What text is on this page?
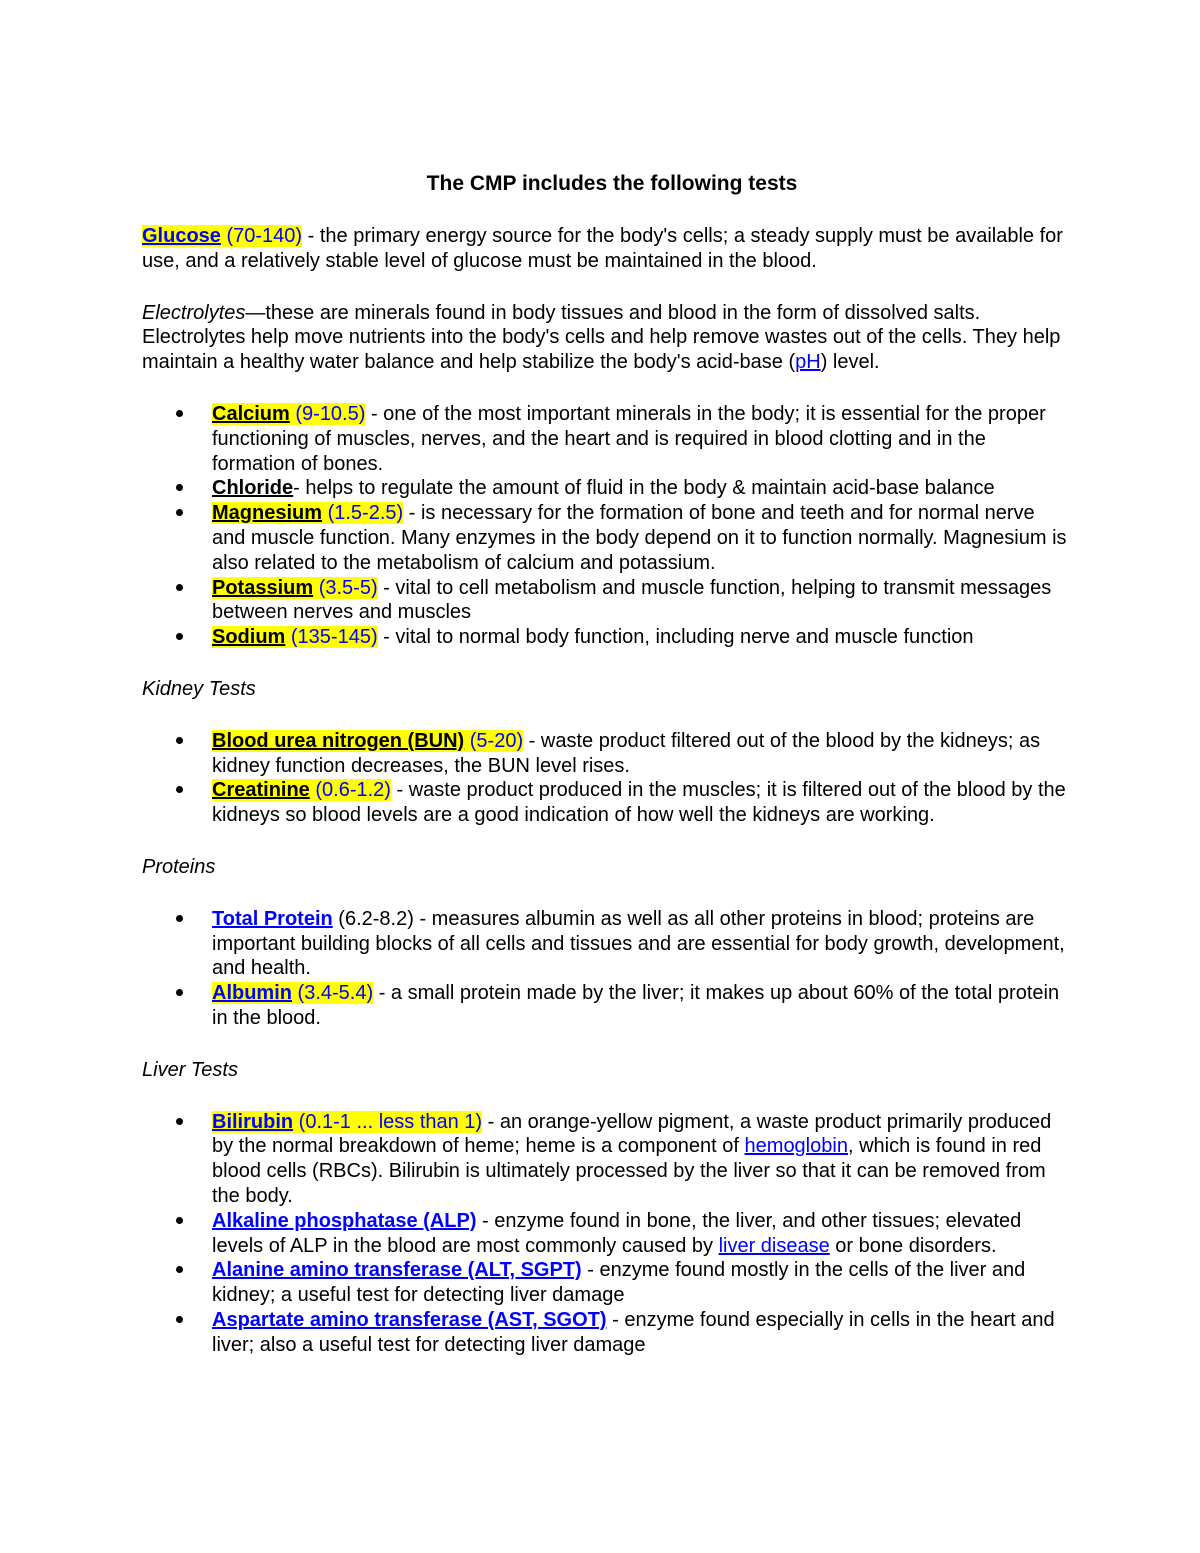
The CMP includes the following tests

Glucose (70-140) - the primary energy source for the body's cells; a steady supply must be available for use, and a relatively stable level of glucose must be maintained in the blood.

Electrolytes—these are minerals found in body tissues and blood in the form of dissolved salts. Electrolytes help move nutrients into the body's cells and help remove wastes out of the cells. They help maintain a healthy water balance and help stabilize the body's acid-base (pH) level.

Calcium (9-10.5) - one of the most important minerals in the body; it is essential for the proper functioning of muscles, nerves, and the heart and is required in blood clotting and in the formation of bones.
Chloride- helps to regulate the amount of fluid in the body & maintain acid-base balance
Magnesium (1.5-2.5) - is necessary for the formation of bone and teeth and for normal nerve and muscle function. Many enzymes in the body depend on it to function normally. Magnesium is also related to the metabolism of calcium and potassium.
Potassium (3.5-5) - vital to cell metabolism and muscle function, helping to transmit messages between nerves and muscles
Sodium (135-145) - vital to normal body function, including nerve and muscle function

Kidney Tests

Blood urea nitrogen (BUN) (5-20) - waste product filtered out of the blood by the kidneys; as kidney function decreases, the BUN level rises.
Creatinine (0.6-1.2) - waste product produced in the muscles; it is filtered out of the blood by the kidneys so blood levels are a good indication of how well the kidneys are working.

Proteins

Total Protein (6.2-8.2) - measures albumin as well as all other proteins in blood; proteins are important building blocks of all cells and tissues and are essential for body growth, development, and health.
Albumin (3.4-5.4) - a small protein made by the liver; it makes up about 60% of the total protein in the blood.

Liver Tests

Bilirubin (0.1-1 ... less than 1) - an orange-yellow pigment, a waste product primarily produced by the normal breakdown of heme; heme is a component of hemoglobin, which is found in red blood cells (RBCs). Bilirubin is ultimately processed by the liver so that it can be removed from the body.
Alkaline phosphatase (ALP) - enzyme found in bone, the liver, and other tissues; elevated levels of ALP in the blood are most commonly caused by liver disease or bone disorders.
Alanine amino transferase (ALT, SGPT) - enzyme found mostly in the cells of the liver and kidney; a useful test for detecting liver damage
Aspartate amino transferase (AST, SGOT) - enzyme found especially in cells in the heart and liver; also a useful test for detecting liver damage
